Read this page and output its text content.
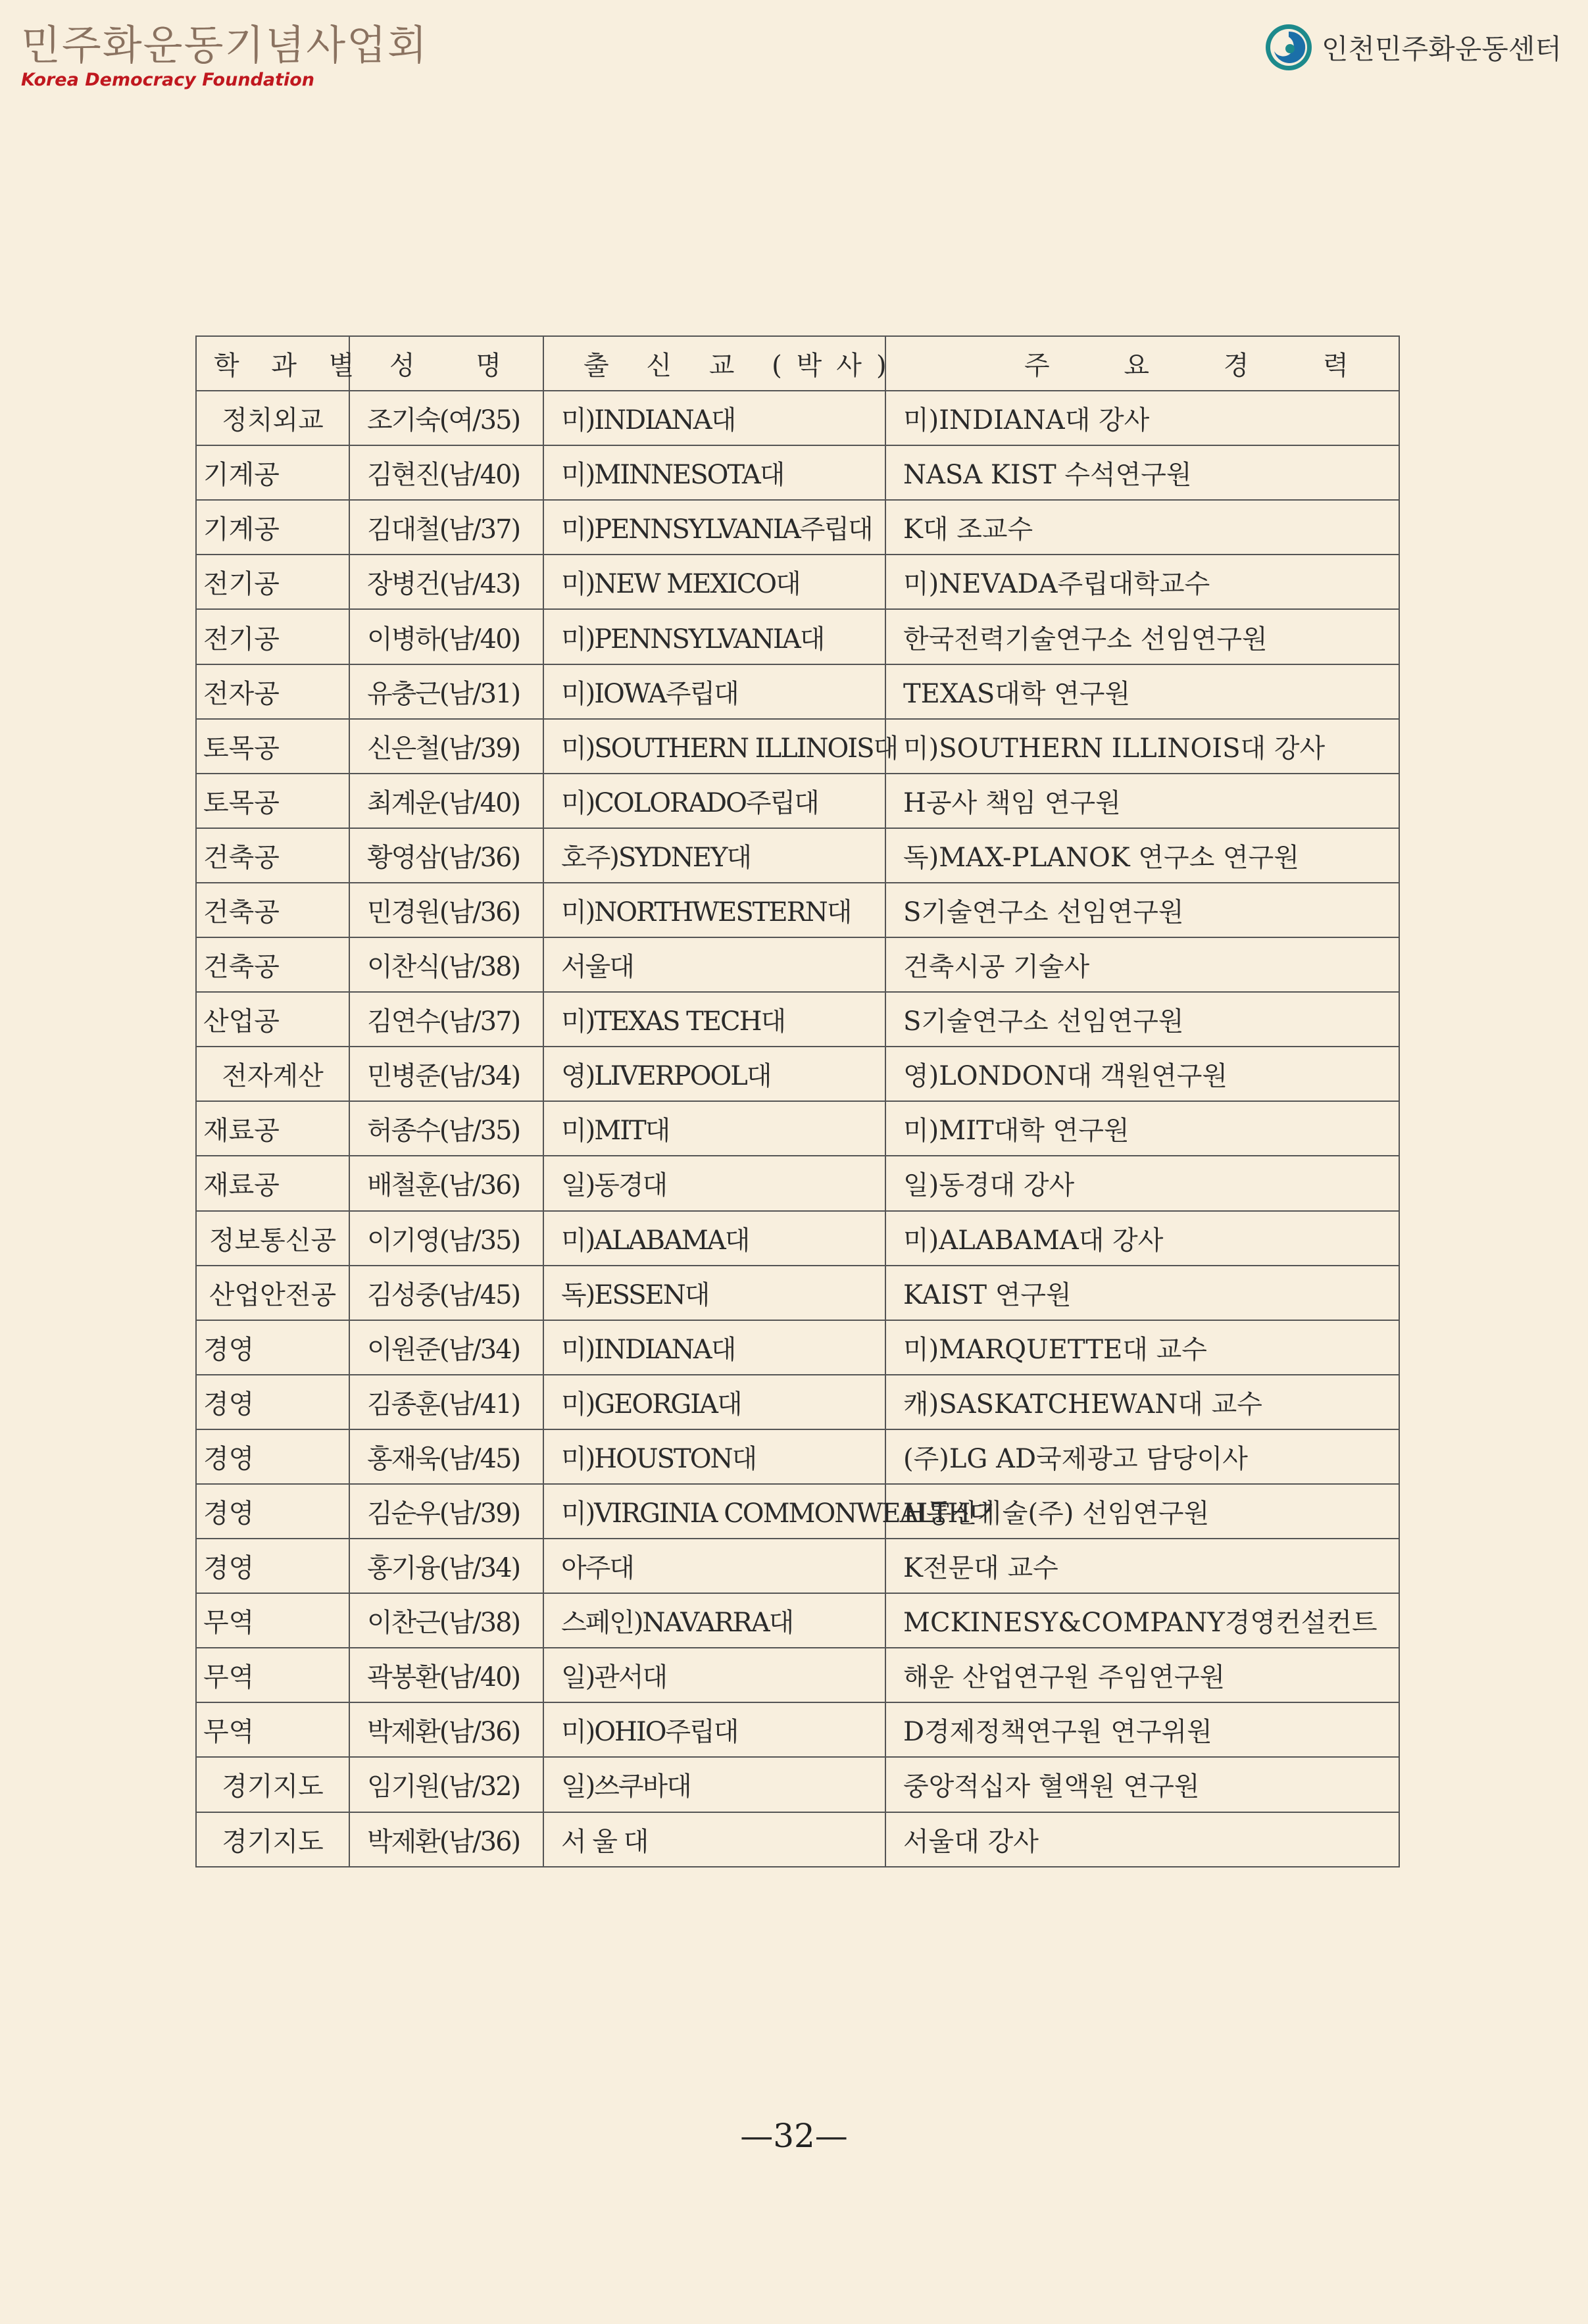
민주화운동기념사업회
Korea Democracy Foundation
인천민주화운동센터
학 과 별	성 명	출 신 교 (박사)	주 요 경 력
정치외교	조기숙(여/35)	미)INDIANA대	미)INDIANA대 강사
기계공	김현진(남/40)	미)MINNESOTA대	NASA KIST 수석연구원
기계공	김대철(남/37)	미)PENNSYLVANIA주립대	K대 조교수
전기공	장병건(남/43)	미)NEW MEXICO대	미)NEVADA주립대학교수
전기공	이병하(남/40)	미)PENNSYLVANIA대	한국전력기술연구소 선임연구원
전자공	유충근(남/31)	미)IOWA주립대	TEXAS대학 연구원
토목공	신은철(남/39)	미)SOUTHERN ILLINOIS대	미)SOUTHERN ILLINOIS대 강사
토목공	최계운(남/40)	미)COLORADO주립대	H공사 책임 연구원
건축공	황영삼(남/36)	호주)SYDNEY대	독)MAX-PLANOK 연구소 연구원
건축공	민경원(남/36)	미)NORTHWESTERN대	S기술연구소 선임연구원
건축공	이찬식(남/38)	서울대	건축시공 기술사
산업공	김연수(남/37)	미)TEXAS TECH대	S기술연구소 선임연구원
전자계산	민병준(남/34)	영)LIVERPOOL대	영)LONDON대 객원연구원
재료공	허종수(남/35)	미)MIT대	미)MIT대학 연구원
재료공	배철훈(남/36)	일)동경대	일)동경대 강사
정보통신공	이기영(남/35)	미)ALABAMA대	미)ALABAMA대 강사
산업안전공	김성중(남/45)	독)ESSEN대	KAIST 연구원
경영	이원준(남/34)	미)INDIANA대	미)MARQUETTE대 교수
경영	김종훈(남/41)	미)GEORGIA대	캐)SASKATCHEWAN대 교수
경영	홍재욱(남/45)	미)HOUSTON대	(주)LG AD국제광고 담당이사
경영	김순우(남/39)	미)VIRGINIA COMMONWEALTH대	H통신기술(주) 선임연구원
경영	홍기융(남/34)	아주대	K전문대 교수
무역	이찬근(남/38)	스페인)NAVARRA대	MCKINESY&COMPANY경영컨설컨트
무역	곽봉환(남/40)	일)관서대	해운 산업연구원 주임연구원
무역	박제환(남/36)	미)OHIO주립대	D경제정책연구원 연구위원
경기지도	임기원(남/32)	일)쓰쿠바대	중앙적십자 혈액원 연구원
경기지도	박제환(남/36)	서 울 대	서울대 강사
—32—
